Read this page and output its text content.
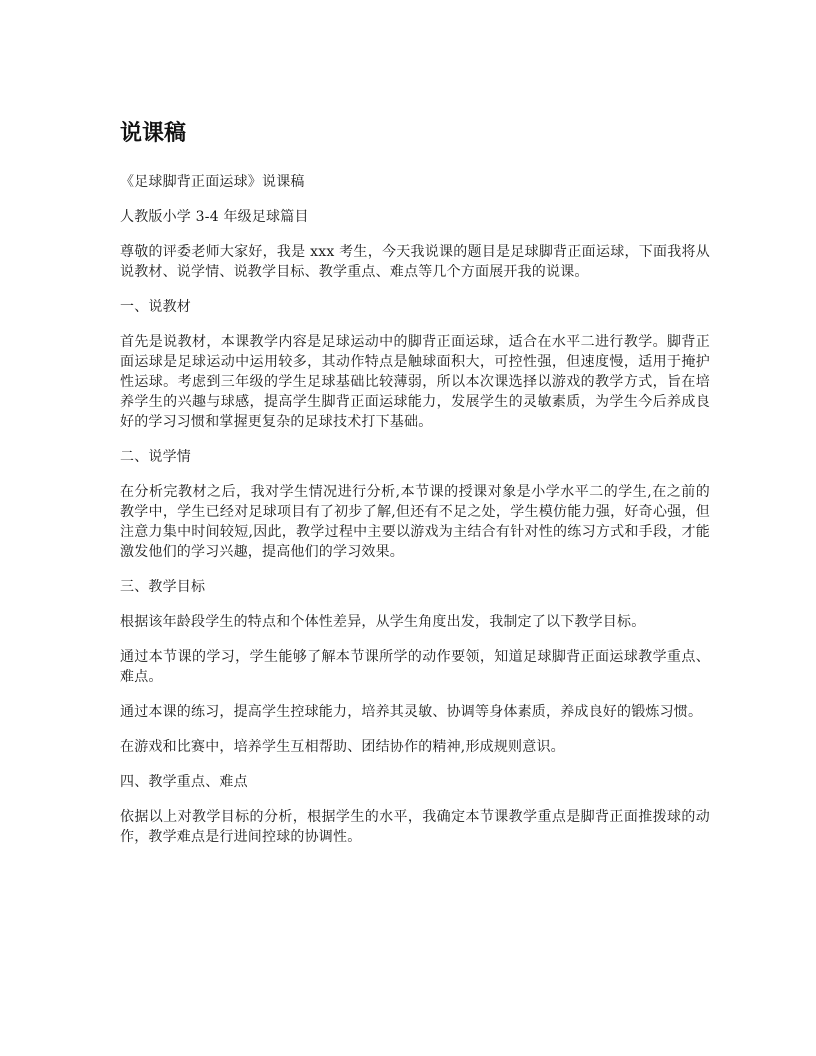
说课稿

《足球脚背正面运球》说课稿

人教版小学 3-4 年级足球篇目

尊敬的评委老师大家好，我是 xxx 考生，今天我说课的题目是足球脚背正面运球，下面我将从说教材、说学情、说教学目标、教学重点、难点等几个方面展开我的说课。

一、说教材

首先是说教材，本课教学内容是足球运动中的脚背正面运球，适合在水平二进行教学。脚背正面运球是足球运动中运用较多，其动作特点是触球面积大，可控性强，但速度慢，适用于掩护性运球。考虑到三年级的学生足球基础比较薄弱，所以本次课选择以游戏的教学方式，旨在培养学生的兴趣与球感，提高学生脚背正面运球能力，发展学生的灵敏素质，为学生今后养成良好的学习习惯和掌握更复杂的足球技术打下基础。

二、说学情

在分析完教材之后，我对学生情况进行分析,本节课的授课对象是小学水平二的学生,在之前的教学中，学生已经对足球项目有了初步了解,但还有不足之处，学生模仿能力强，好奇心强，但注意力集中时间较短,因此，教学过程中主要以游戏为主结合有针对性的练习方式和手段，才能激发他们的学习兴趣，提高他们的学习效果。

三、教学目标

根据该年龄段学生的特点和个体性差异，从学生角度出发，我制定了以下教学目标。

通过本节课的学习，学生能够了解本节课所学的动作要领，知道足球脚背正面运球教学重点、难点。

通过本课的练习，提高学生控球能力，培养其灵敏、协调等身体素质，养成良好的锻炼习惯。

在游戏和比赛中，培养学生互相帮助、团结协作的精神,形成规则意识。

四、教学重点、难点

依据以上对教学目标的分析，根据学生的水平，我确定本节课教学重点是脚背正面推拨球的动作，教学难点是行进间控球的协调性。
